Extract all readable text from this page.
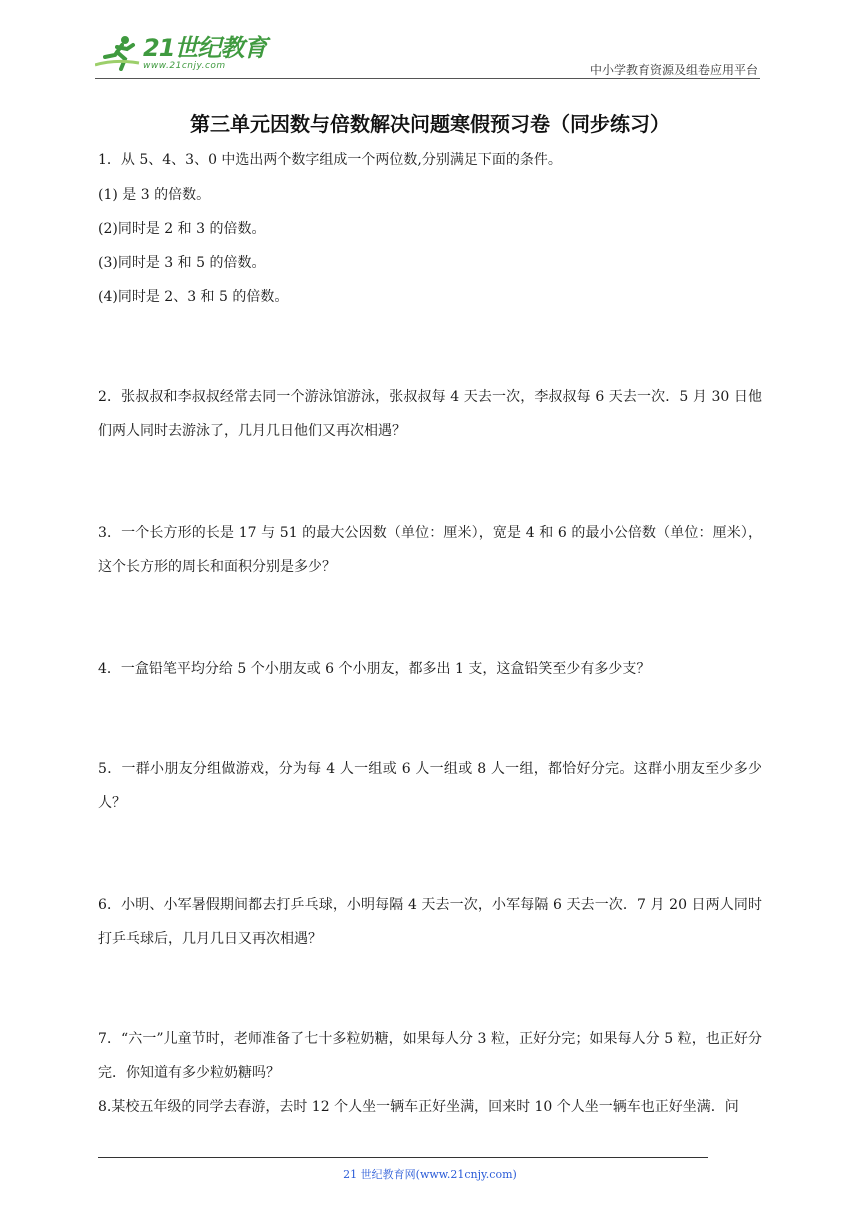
21世纪教育
www.21cnjy.com	中小学教育资源及组卷应用平台
第三单元因数与倍数解决问题寒假预习卷（同步练习）

1．从 5、4、3、0 中选出两个数字组成一个两位数,分别满足下面的条件。

(1) 是 3 的倍数。

(2)同时是 2 和 3 的倍数。

(3)同时是 3 和 5 的倍数。

(4)同时是 2、3 和 5 的倍数。

2．张叔叔和李叔叔经常去同一个游泳馆游泳，张叔叔每 4 天去一次，李叔叔每 6 天去一次．5 月 30 日他们两人同时去游泳了，几月几日他们又再次相遇？

3．一个长方形的长是 17 与 51 的最大公因数（单位：厘米），宽是 4 和 6 的最小公倍数（单位：厘米），这个长方形的周长和面积分别是多少？

4．一盒铅笔平均分给 5 个小朋友或 6 个小朋友，都多出 1 支，这盒铅笑至少有多少支？

5．一群小朋友分组做游戏，分为每 4 人一组或 6 人一组或 8 人一组，都恰好分完。这群小朋友至少多少人？

6．小明、小军暑假期间都去打乒乓球，小明每隔 4 天去一次，小军每隔 6 天去一次．7 月 20 日两人同时打乒乓球后，几月几日又再次相遇？

7．“六一”儿童节时，老师准备了七十多粒奶糖，如果每人分 3 粒，正好分完；如果每人分 5 粒，也正好分完．你知道有多少粒奶糖吗？

8.某校五年级的同学去春游，去时 12 个人坐一辆车正好坐满，回来时 10 个人坐一辆车也正好坐满．问

21 世纪教育网(www.21cnjy.com)
